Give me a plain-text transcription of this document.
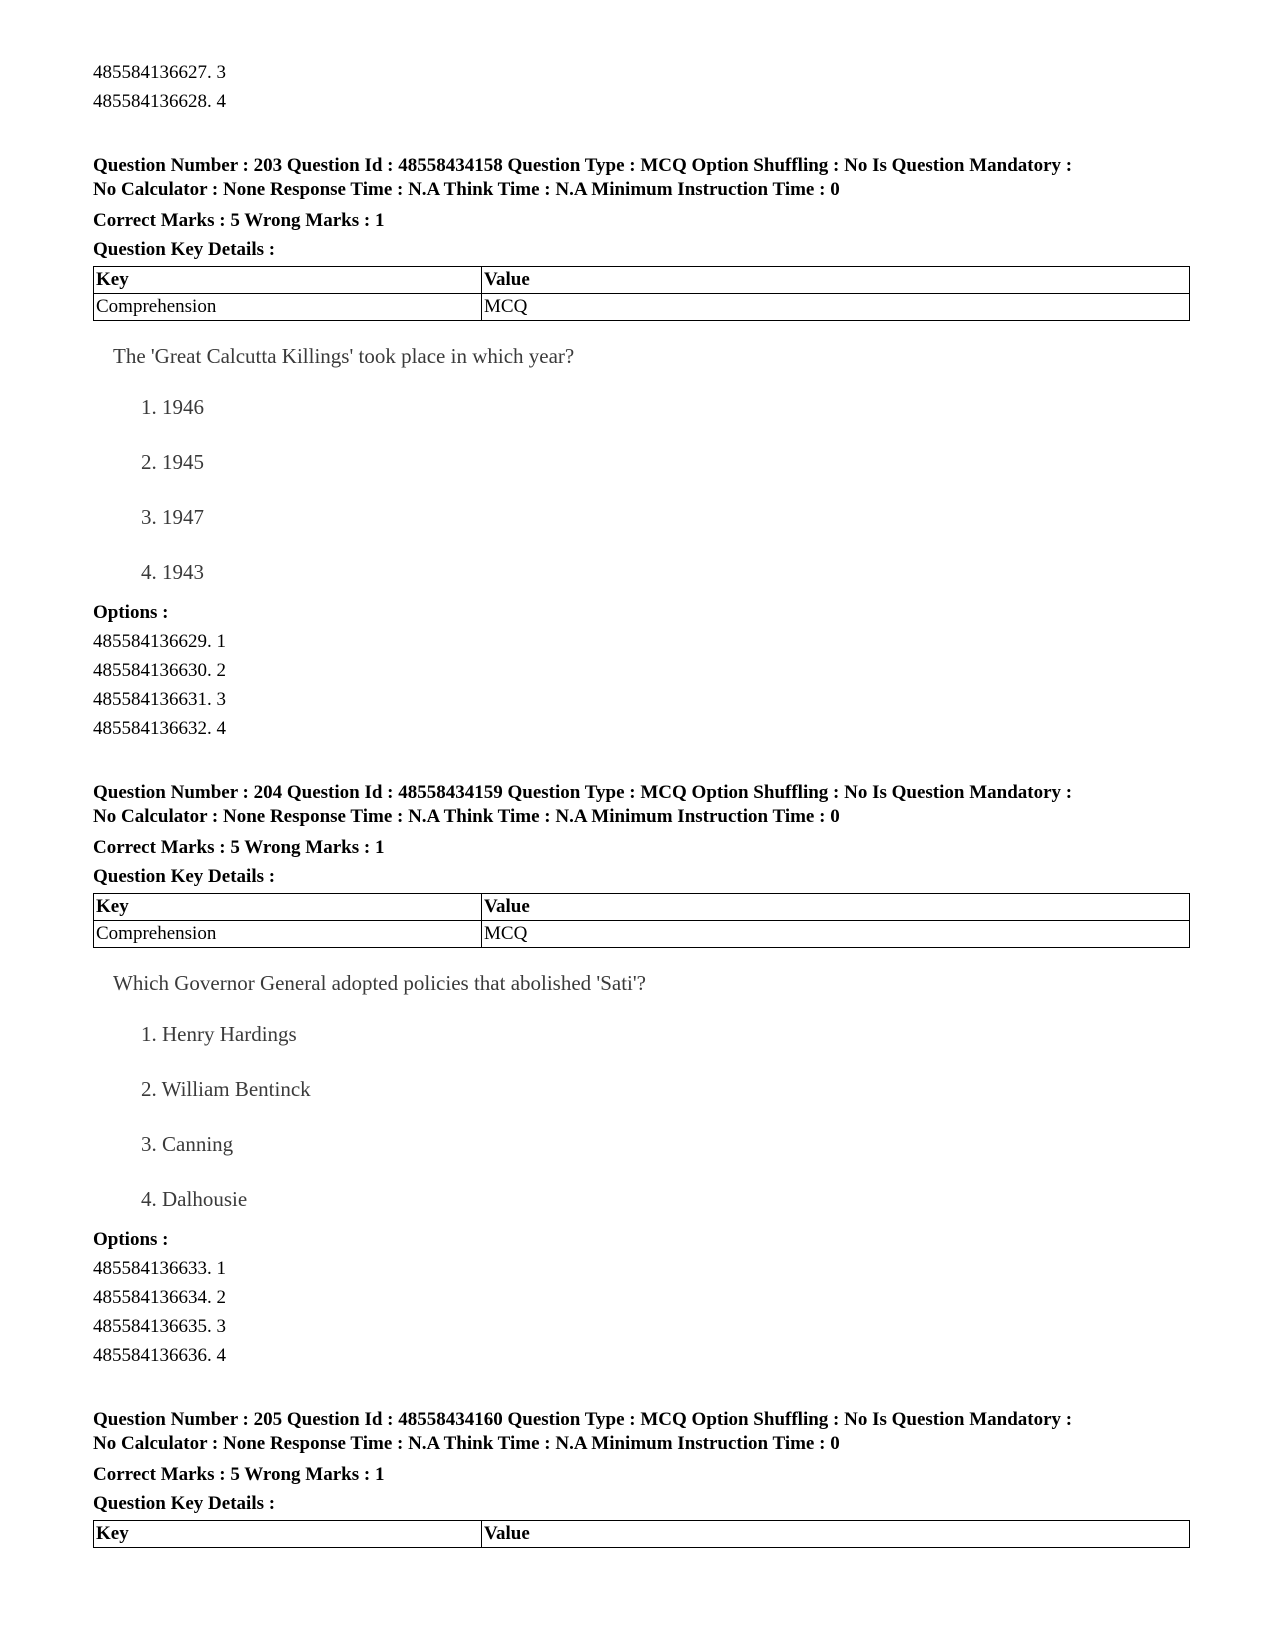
485584136627. 3
485584136628. 4
Question Number : 203 Question Id : 48558434158 Question Type : MCQ Option Shuffling : No Is Question Mandatory :
No Calculator : None Response Time : N.A Think Time : N.A Minimum Instruction Time : 0
Correct Marks : 5 Wrong Marks : 1
Question Key Details :
Key	Value
Comprehension	MCQ
The 'Great Calcutta Killings' took place in which year?
1. 1946
2. 1945
3. 1947
4. 1943
Options :
485584136629. 1
485584136630. 2
485584136631. 3
485584136632. 4
Question Number : 204 Question Id : 48558434159 Question Type : MCQ Option Shuffling : No Is Question Mandatory :
No Calculator : None Response Time : N.A Think Time : N.A Minimum Instruction Time : 0
Correct Marks : 5 Wrong Marks : 1
Question Key Details :
Key	Value
Comprehension	MCQ
Which Governor General adopted policies that abolished 'Sati'?
1. Henry Hardings
2. William Bentinck
3. Canning
4. Dalhousie
Options :
485584136633. 1
485584136634. 2
485584136635. 3
485584136636. 4
Question Number : 205 Question Id : 48558434160 Question Type : MCQ Option Shuffling : No Is Question Mandatory :
No Calculator : None Response Time : N.A Think Time : N.A Minimum Instruction Time : 0
Correct Marks : 5 Wrong Marks : 1
Question Key Details :
Key	Value
